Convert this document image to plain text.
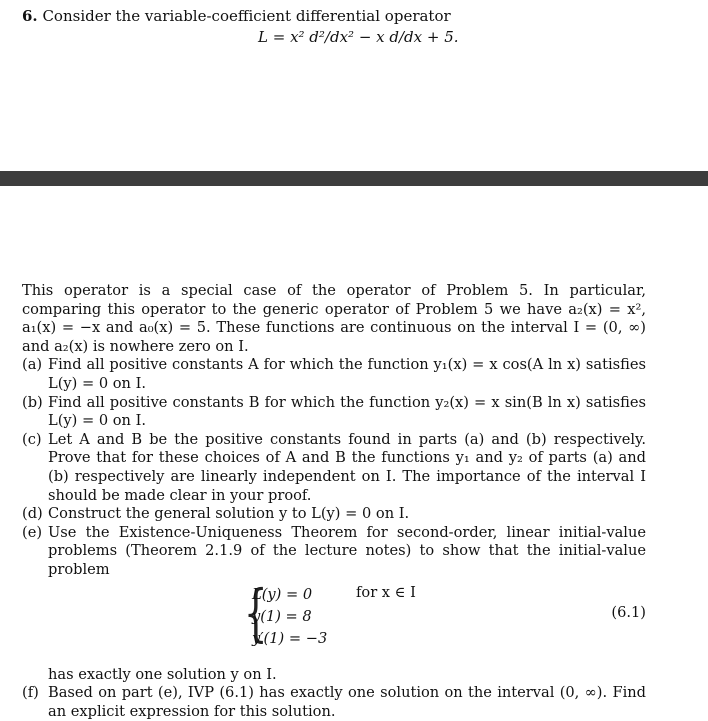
6. Consider the variable-coefficient differential operator
L = x² d²/dx² − x d/dx + 5.

This operator is a special case of the operator of Problem 5. In particular, comparing this operator to the generic operator of Problem 5 we have a₂(x) = x², a₁(x) = −x and a₀(x) = 5. These functions are continuous on the interval I = (0, ∞) and a₂(x) is nowhere zero on I.

(a) Find all positive constants A for which the function y₁(x) = x cos(A ln x) satisfies L(y) = 0 on I.

(b) Find all positive constants B for which the function y₂(x) = x sin(B ln x) satisfies L(y) = 0 on I.

(c) Let A and B be the positive constants found in parts (a) and (b) respectively. Prove that for these choices of A and B the functions y₁ and y₂ of parts (a) and (b) respectively are linearly independent on I. The importance of the interval I should be made clear in your proof.

(d) Construct the general solution y to L(y) = 0 on I.

(e) Use the Existence-Uniqueness Theorem for second-order, linear initial-value problems (Theorem 2.1.9 of the lecture notes) to show that the initial-value problem

{
L(y) = 0
y(1) = 8
y′(1) = −3
for x ∈ I
(6.1)

has exactly one solution y on I.

(f) Based on part (e), IVP (6.1) has exactly one solution on the interval (0, ∞). Find an explicit expression for this solution.
